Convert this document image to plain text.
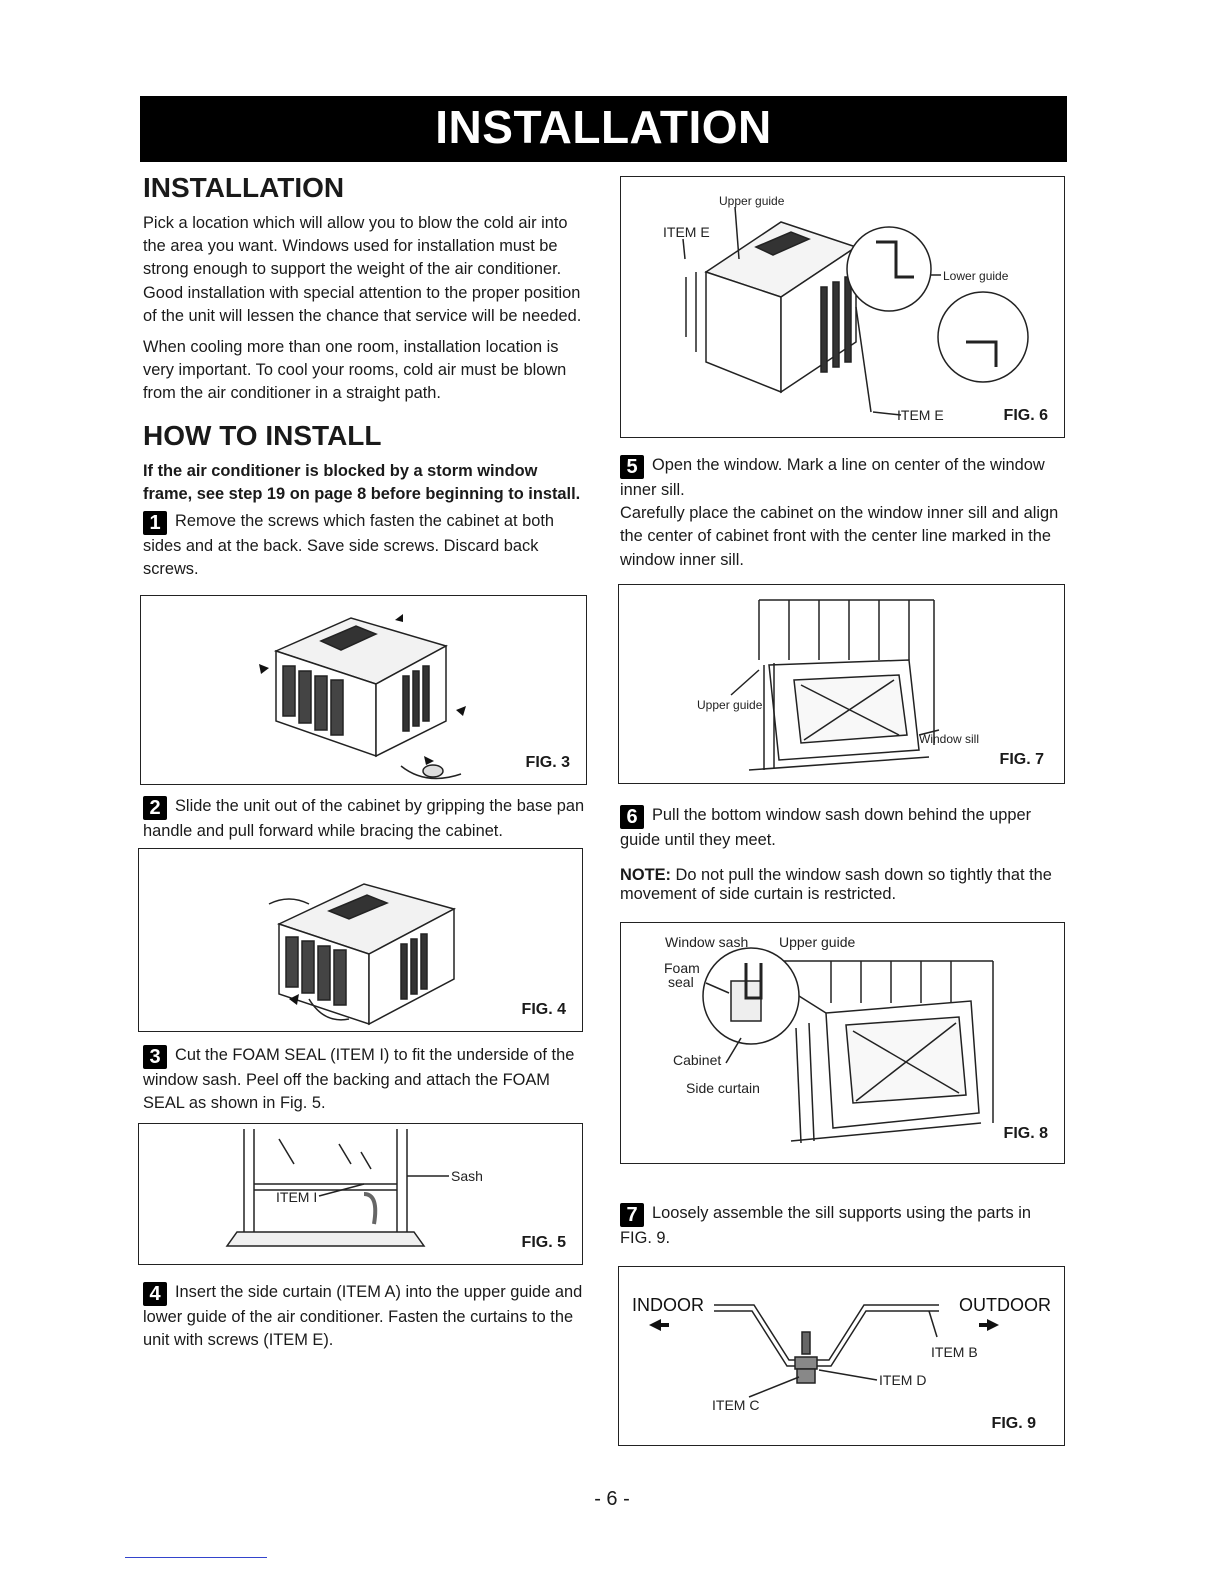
INSTALLATION
INSTALLATION

Pick a location which will allow you to blow the cold air into the area you want. Windows used for installation must be strong enough to support the weight of the air conditioner. Good installation with special attention to the proper position of the unit will lessen the chance that service will be needed.

When cooling more than one room, installation location is very important. To cool your rooms, cold air must be blown from the air conditioner in a straight path.

HOW TO INSTALL

If the air conditioner is blocked by a storm window frame, see step 19 on page 8 before beginning to install.

1 Remove the screws which fasten the cabinet at both sides and at the back. Save side screws. Discard back screws.

FIG. 3

2 Slide the unit out of the cabinet by gripping the base pan handle and pull forward while bracing the cabinet.

FIG. 4

3 Cut the FOAM SEAL (ITEM I) to fit the underside of the window sash. Peel off the backing and attach the FOAM SEAL as shown in Fig. 5.

Sash
ITEM I
FIG. 5

4 Insert the side curtain (ITEM A) into the upper guide and lower guide of the air conditioner. Fasten the curtains to the unit with screws (ITEM E).

Upper guide
ITEM E
Lower guide
ITEM E	FIG. 6

5 Open the window. Mark a line on center of the window inner sill.

Carefully place the cabinet on the window inner sill and align the center of cabinet front with the center line marked in the window inner sill.

Upper guide
Window sill
FIG. 7

6 Pull the bottom window sash down behind the upper guide until they meet.

NOTE: Do not pull the window sash down so tightly that the movement of side curtain is restricted.

Window sash Upper guide
Foam
seal
Cabinet
Side curtain
FIG. 8

7 Loosely assemble the sill supports using the parts in FIG. 9.

INDOOR	OUTDOOR
ITEM B
ITEM D
ITEM C
FIG. 9
- 6 -
